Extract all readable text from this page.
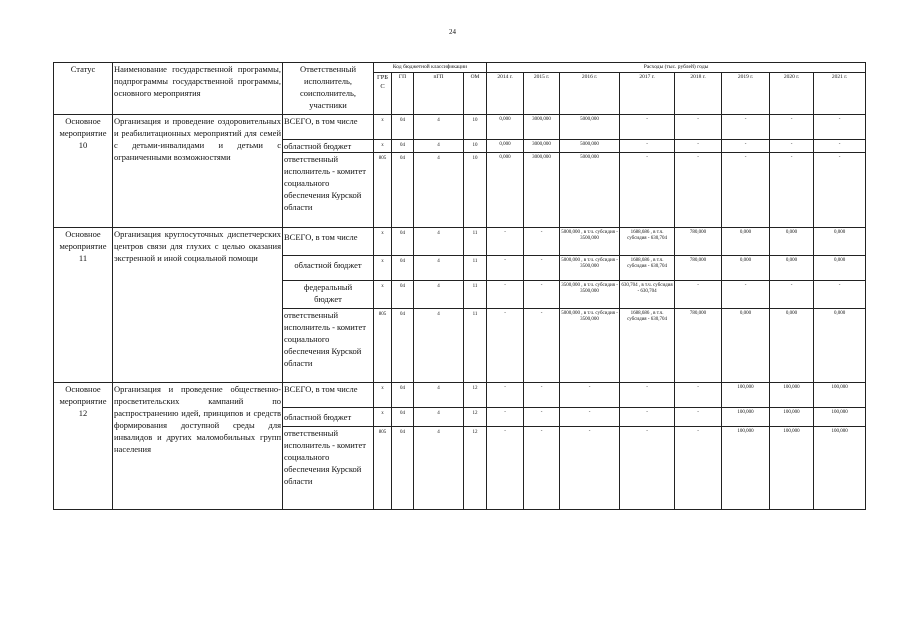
24
Статус	Наименование государственной программы, подпрограммы государственной программы, основного мероприятия	Ответственный исполнитель, соисполнитель, участники	Код бюджетной классификации				Расходы (тыс. рублей) годы							
			ГРБС	ГП	пГП	ОМ	2014 г.	2015 г.	2016 г.	2017 г.	2018 г.	2019 г.	2020 г.	2021 г.
Основное мероприятие 10	Организация и проведение оздоровительных и реабилитационных мероприятий для семей с детьми-инвалидами и детьми с ограниченными возможностями	ВСЕГО, в том числе	x	04	4	10	0,000	3000,000	5000,000	-	-	-	-	-
		областной бюджет	x	04	4	10	0,000	3000,000	5000,000	-	-	-	-	-
		ответственный исполнитель - комитет социального обеспечения Курской области	805	04	4	10	0,000	3000,000	5000,000	-	-	-	-	-
Основное мероприятие 11	Организация круглосуточных диспетчерских центров связи для глухих с целью оказания экстренной и иной социальной помощи	ВСЕГО, в том числе	x	04	4	11	-	-	5000,000 , в т.ч. субсидия - 3500,000	1688,686 , в т.ч. субсидия - 630,704	780,000	0,000	0,000	0,000
		областной бюджет	x	04	4	11	-	-	5000,000 , в т.ч. субсидия - 3500,000	1688,686 , в т.ч. субсидия - 630,704	780,000	0,000	0,000	0,000
		федеральный бюджет	x	04	4	11	-	-	3500,000 , в т.ч. субсидия - 3500,000	630,704 , в т.ч. субсидия - 630,704	-	-	-	-
		ответственный исполнитель - комитет социального обеспечения Курской области	805	04	4	11	-	-	5000,000 , в т.ч. субсидия - 3500,000	1688,686 , в т.ч. субсидия - 630,704	780,000	0,000	0,000	0,000
Основное мероприятие 12	Организация и проведение общественно-просветительских кампаний по распространению идей, принципов и средств формирования доступной среды для инвалидов и других маломобильных групп населения	ВСЕГО, в том числе	x	04	4	12	-	-	-	-	-	100,000	100,000	100,000
		областной бюджет	x	04	4	12	-	-	-	-	-	100,000	100,000	100,000
		ответственный исполнитель - комитет социального обеспечения Курской области	805	04	4	12	-	-	-	-	-	100,000	100,000	100,000
